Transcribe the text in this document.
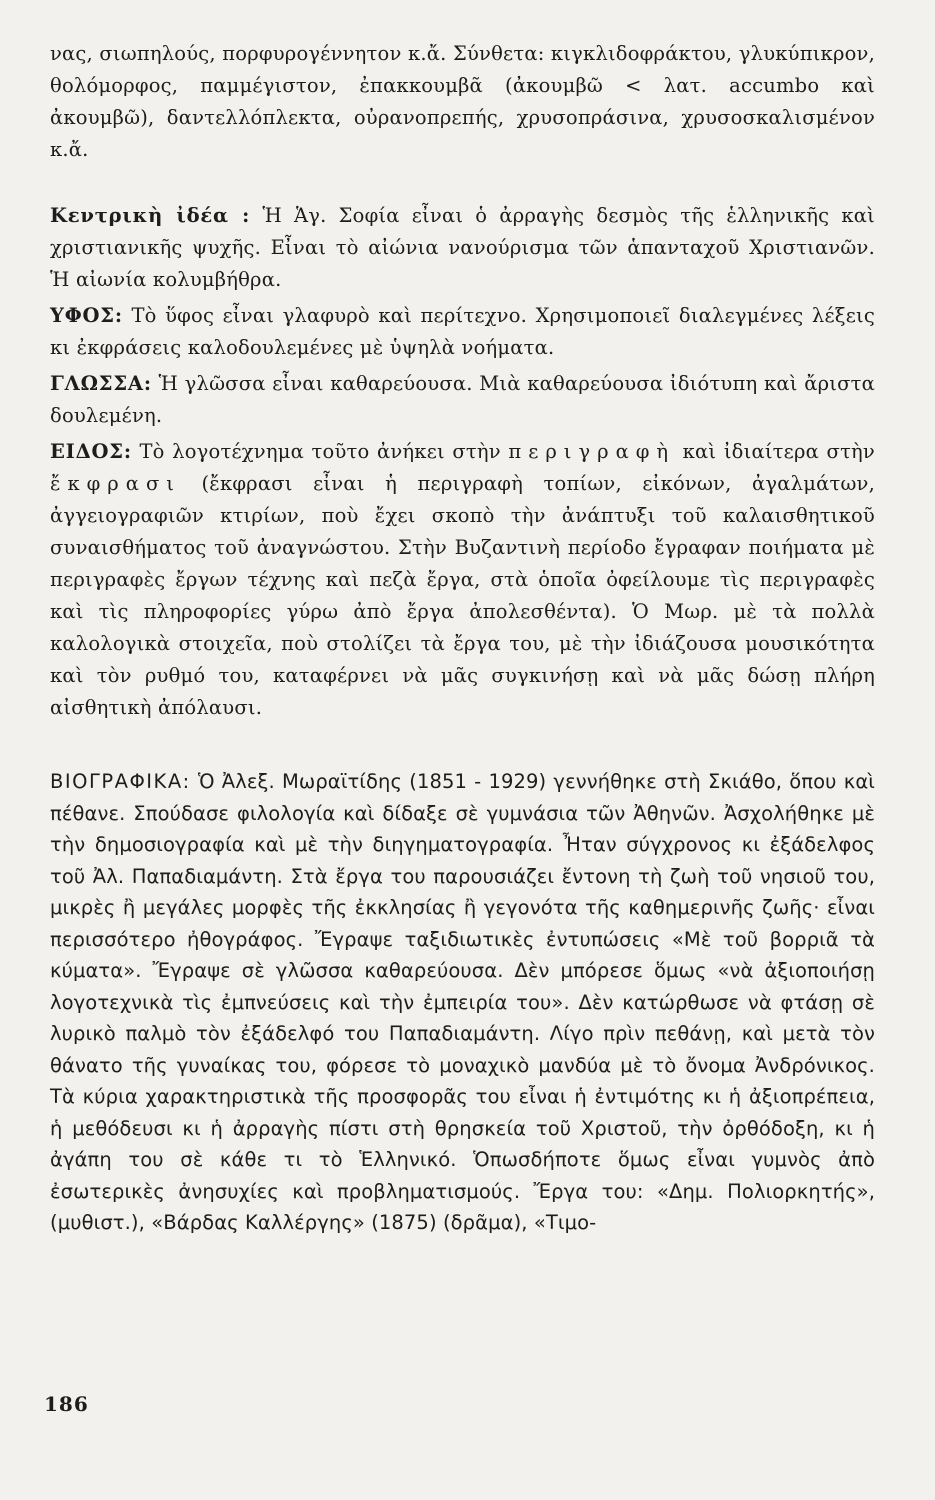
νας, σιωπηλούς, πορφυρογέννητον κ.ἄ. Σύνθετα: κιγκλιδοφράκτου, γλυκύπικρον, θολόμορφος, παμμέγιστον, ἐπακκουμβᾶ (ἀκουμβῶ < λατ. accumbo καὶ ἀκουμβῶ), δαντελλόπλεκτα, οὐρανοπρεπής, χρυσοπράσινα, χρυσοσκαλισμένον κ.ἄ.

Κεντρικὴ ἰδέα : Ἡ Ἁγ. Σοφία εἶναι ὁ ἀρραγὴς δεσμὸς τῆς ἑλληνικῆς καὶ χριστιανικῆς ψυχῆς. Εἶναι τὸ αἰώνια νανούρισμα τῶν ἁπανταχοῦ Χριστιανῶν. Ἡ αἰωνία κολυμβήθρα.

ΥΦΟΣ: Τὸ ὕφος εἶναι γλαφυρὸ καὶ περίτεχνο. Χρησιμοποιεῖ διαλεγμένες λέξεις κι ἐκφράσεις καλοδουλεμένες μὲ ὑψηλὰ νοήματα.

ΓΛΩΣΣΑ: Ἡ γλῶσσα εἶναι καθαρεύουσα. Μιὰ καθαρεύουσα ἰδιότυπη καὶ ἄριστα δουλεμένη.

ΕΙΔΟΣ: Τὸ λογοτέχνημα τοῦτο ἀνήκει στὴν περιγραφὴ καὶ ἰδιαίτερα στὴν ἔκφρασι (ἔκφρασι εἶναι ἡ περιγραφὴ τοπίων, εἰκόνων, ἀγαλμάτων, ἀγγειογραφιῶν κτιρίων, ποὺ ἔχει σκοπὸ τὴν ἀνάπτυξι τοῦ καλαισθητικοῦ συναισθήματος τοῦ ἀναγνώστου. Στὴν Βυζαντινὴ περίοδο ἔγραφαν ποιήματα μὲ περιγραφὲς ἔργων τέχνης καὶ πεζὰ ἔργα, στὰ ὁποῖα ὀφείλουμε τὶς περιγραφὲς καὶ τὶς πληροφορίες γύρω ἀπὸ ἔργα ἀπολεσθέντα). Ὁ Μωρ. μὲ τὰ πολλὰ καλολογικὰ στοιχεῖα, ποὺ στολίζει τὰ ἔργα του, μὲ τὴν ἰδιάζουσα μουσικότητα καὶ τὸν ρυθμό του, καταφέρνει νὰ μᾶς συγκινήσῃ καὶ νὰ μᾶς δώσῃ πλήρη αἰσθητικὴ ἀπόλαυσι.

ΒΙΟΓΡΑΦΙΚΑ: Ὁ Ἀλεξ. Μωραϊτίδης (1851 - 1929) γεννήθηκε στὴ Σκιάθο, ὅπου καὶ πέθανε. Σπούδασε φιλολογία καὶ δίδαξε σὲ γυμνάσια τῶν Ἀθηνῶν. Ἀσχολήθηκε μὲ τὴν δημοσιογραφία καὶ μὲ τὴν διηγηματογραφία. Ἦταν σύγχρονος κι ἐξάδελφος τοῦ Ἀλ. Παπαδιαμάντη. Στὰ ἔργα του παρουσιάζει ἔντονη τὴ ζωὴ τοῦ νησιοῦ του, μικρὲς ἢ μεγάλες μορφὲς τῆς ἐκκλησίας ἢ γεγονότα τῆς καθημερινῆς ζωῆς· εἶναι περισσότερο ἠθογράφος. Ἔγραψε ταξιδιωτικὲς ἐντυπώσεις «Μὲ τοῦ βορριᾶ τὰ κύματα». Ἔγραψε σὲ γλῶσσα καθαρεύουσα. Δὲν μπόρεσε ὅμως «νὰ ἀξιοποιήσῃ λογοτεχνικὰ τὶς ἐμπνεύσεις καὶ τὴν ἐμπειρία του». Δὲν κατώρθωσε νὰ φτάσῃ σὲ λυρικὸ παλμὸ τὸν ἐξάδελφό του Παπαδιαμάντη. Λίγο πρὶν πεθάνῃ, καὶ μετὰ τὸν θάνατο τῆς γυναίκας του, φόρεσε τὸ μοναχικὸ μανδύα μὲ τὸ ὄνομα Ἀνδρόνικος. Τὰ κύρια χαρακτηριστικὰ τῆς προσφορᾶς του εἶναι ἡ ἐντιμότης κι ἡ ἀξιοπρέπεια, ἡ μεθόδευσι κι ἡ ἀρραγὴς πίστι στὴ θρησκεία τοῦ Χριστοῦ, τὴν ὀρθόδοξη, κι ἡ ἀγάπη του σὲ κάθε τι τὸ Ἑλληνικό. Ὁπωσδήποτε ὅμως εἶναι γυμνὸς ἀπὸ ἐσωτερικὲς ἀνησυχίες καὶ προβληματισμούς. Ἔργα του: «Δημ. Πολιορκητής», (μυθιστ.), «Βάρδας Καλλέργης» (1875) (δρᾶμα), «Τιμο-

186
